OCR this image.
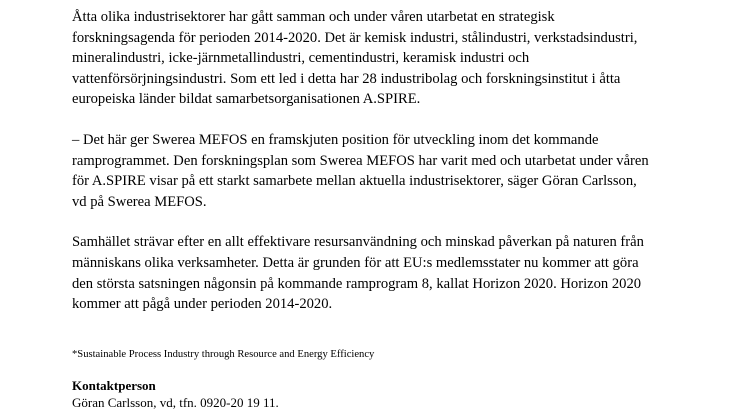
Åtta olika industrisektorer har gått samman och under våren utarbetat en strategisk
forskningsagenda för perioden 2014-2020. Det är kemisk industri, stålindustri, verkstadsindustri,
mineralindustri, icke-järnmetallindustri, cementindustri, keramisk industri och
vattenförsörjningsindustri. Som ett led i detta har 28 industribolag och forskningsinstitut i åtta
europeiska länder bildat samarbetsorganisationen A.SPIRE.

– Det här ger Swerea MEFOS en framskjuten position för utveckling inom det kommande
ramprogrammet. Den forskningsplan som Swerea MEFOS har varit med och utarbetat under våren
för A.SPIRE visar på ett starkt samarbete mellan aktuella industrisektorer, säger Göran Carlsson,
vd på Swerea MEFOS.

Samhället strävar efter en allt effektivare resursanvändning och minskad påverkan på naturen från
människans olika verksamheter. Detta är grunden för att EU:s medlemsstater nu kommer att göra
den största satsningen någonsin på kommande ramprogram 8, kallat Horizon 2020. Horizon 2020
kommer att pågå under perioden 2014-2020.

*Sustainable Process Industry through Resource and Energy Efficiency
Kontaktperson
Göran Carlsson, vd, tfn. 0920-20 19 11.
